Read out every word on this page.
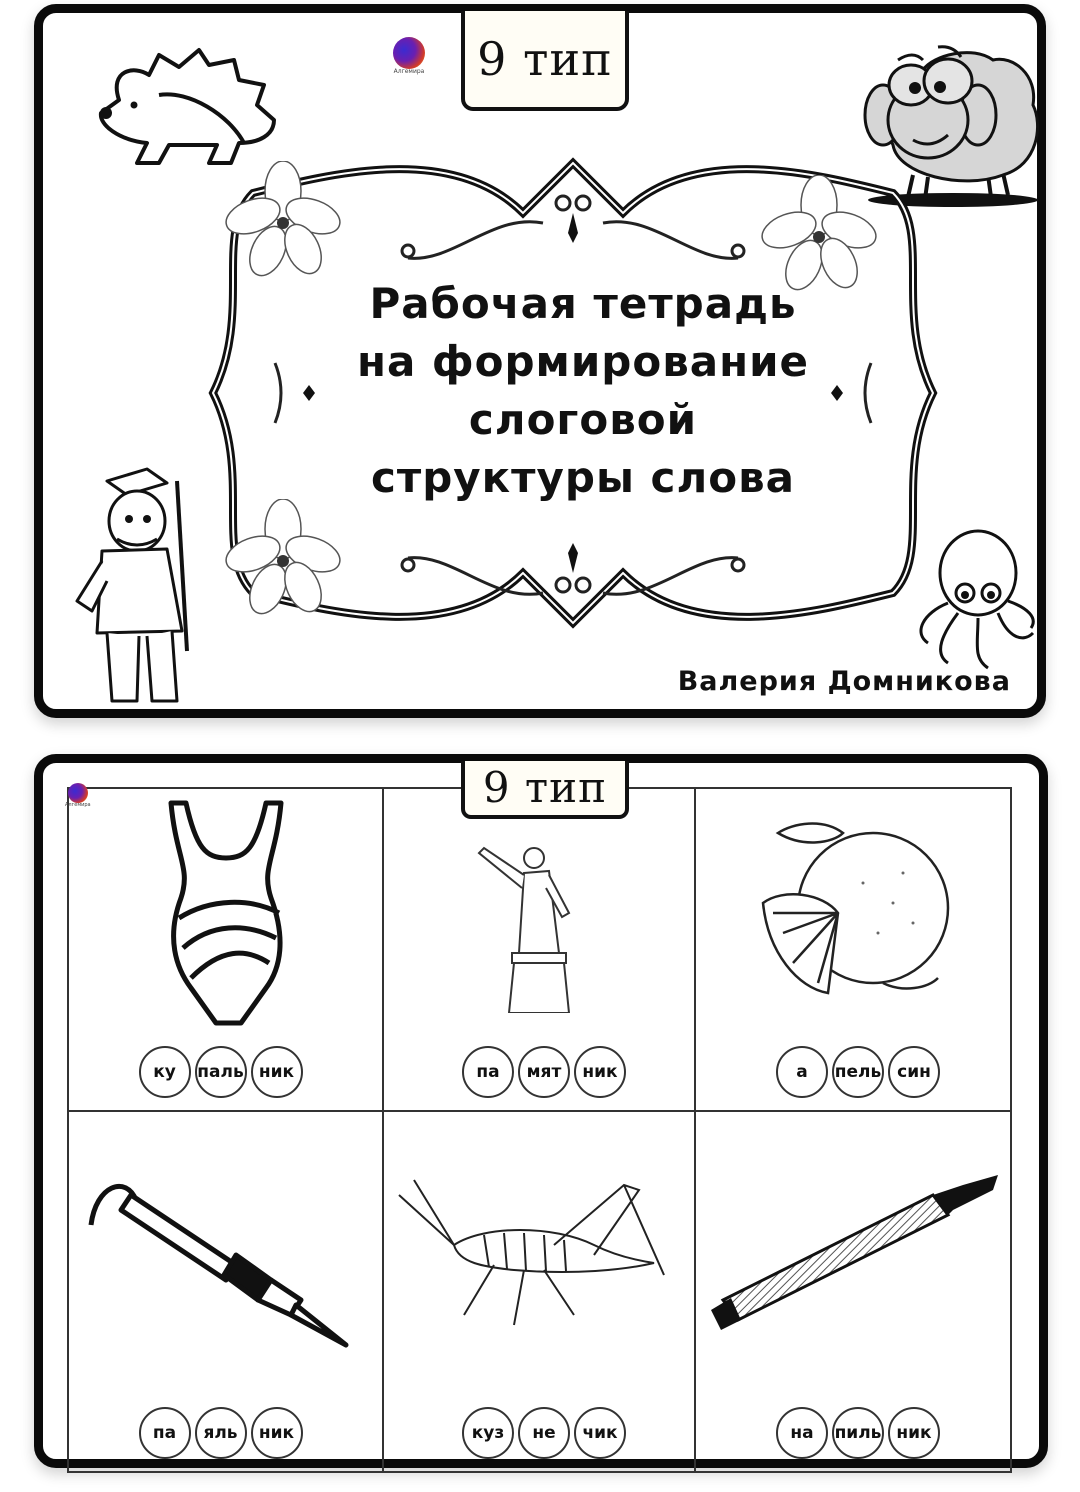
9 тип
Алгемира
Рабочая тетрадь
на формирование
слоговой
структуры слова
Валерия Домникова
9 тип
Алгемира
ку	паль ник	па	мят	ник	а	пель син
па	яль	ник	куз	не	чик	на	пиль ник
